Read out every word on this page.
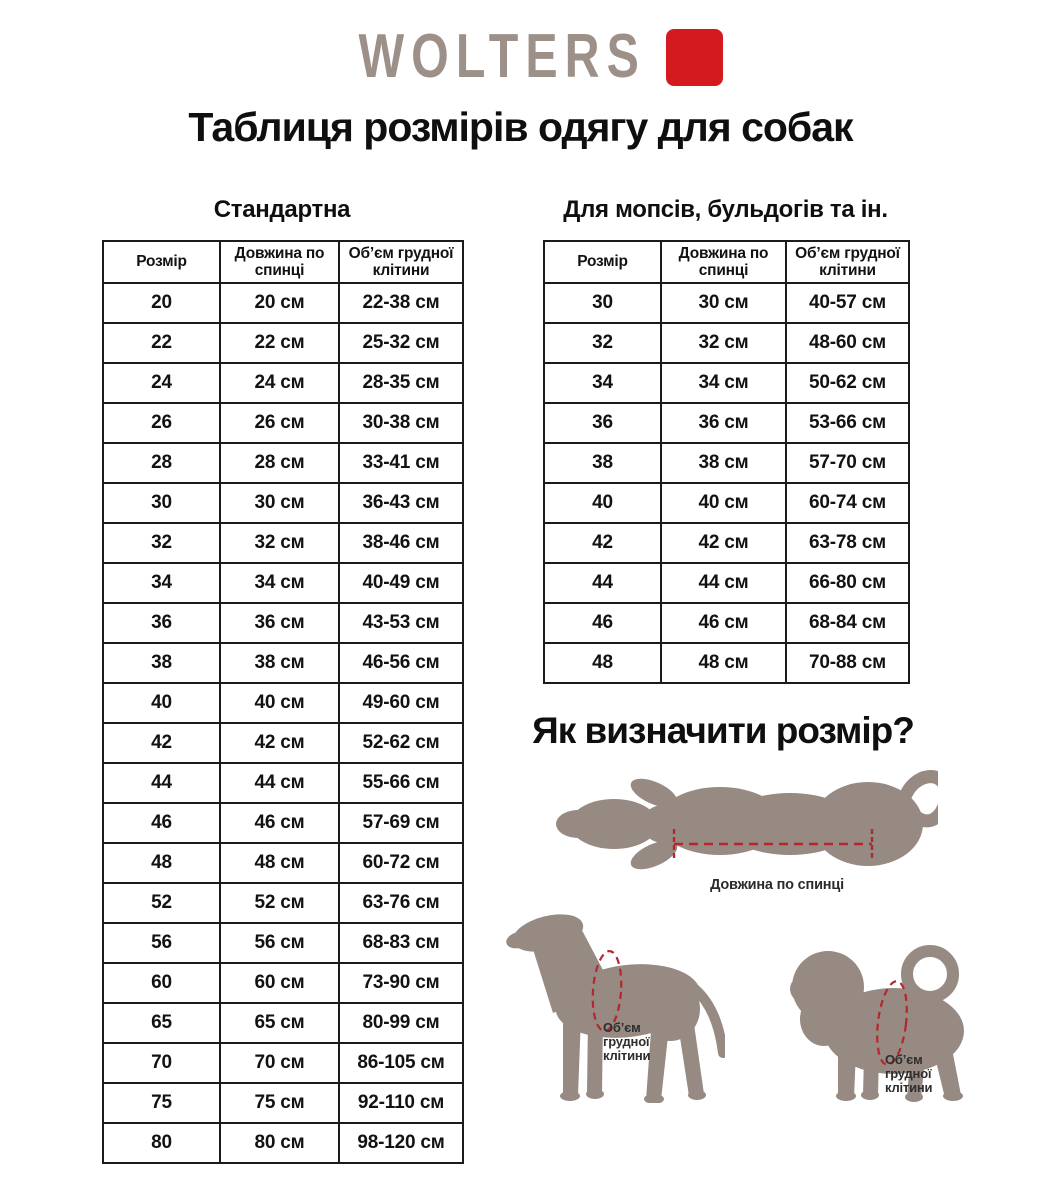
WOLTERS
Таблиця розмірів одягу для собак
Стандартна
Розмір	Довжина по спинці	Об’єм грудної клітини
20	20 см	22-38 см
22	22 см	25-32 см
24	24 см	28-35 см
26	26 см	30-38 см
28	28 см	33-41 см
30	30 см	36-43 см
32	32 см	38-46 см
34	34 см	40-49 см
36	36 см	43-53 см
38	38 см	46-56 см
40	40 см	49-60 см
42	42 см	52-62 см
44	44 см	55-66 см
46	46 см	57-69 см
48	48 см	60-72 см
52	52 см	63-76 см
56	56 см	68-83 см
60	60 см	73-90 см
65	65 см	80-99 см
70	70 см	86-105 см
75	75 см	92-110 см
80	80 см	98-120 см
Для мопсів, бульдогів та ін.
Розмір	Довжина по спинці	Об’єм грудної клітини
30	30 см	40-57 см
32	32 см	48-60 см
34	34 см	50-62 см
36	36 см	53-66 см
38	38 см	57-70 см
40	40 см	60-74 см
42	42 см	63-78 см
44	44 см	66-80 см
46	46 см	68-84 см
48	48 см	70-88 см
Як визначити розмір?
Довжина по спинці
Об’єм
грудної
клітини	Об’єм
грудної
клітини
